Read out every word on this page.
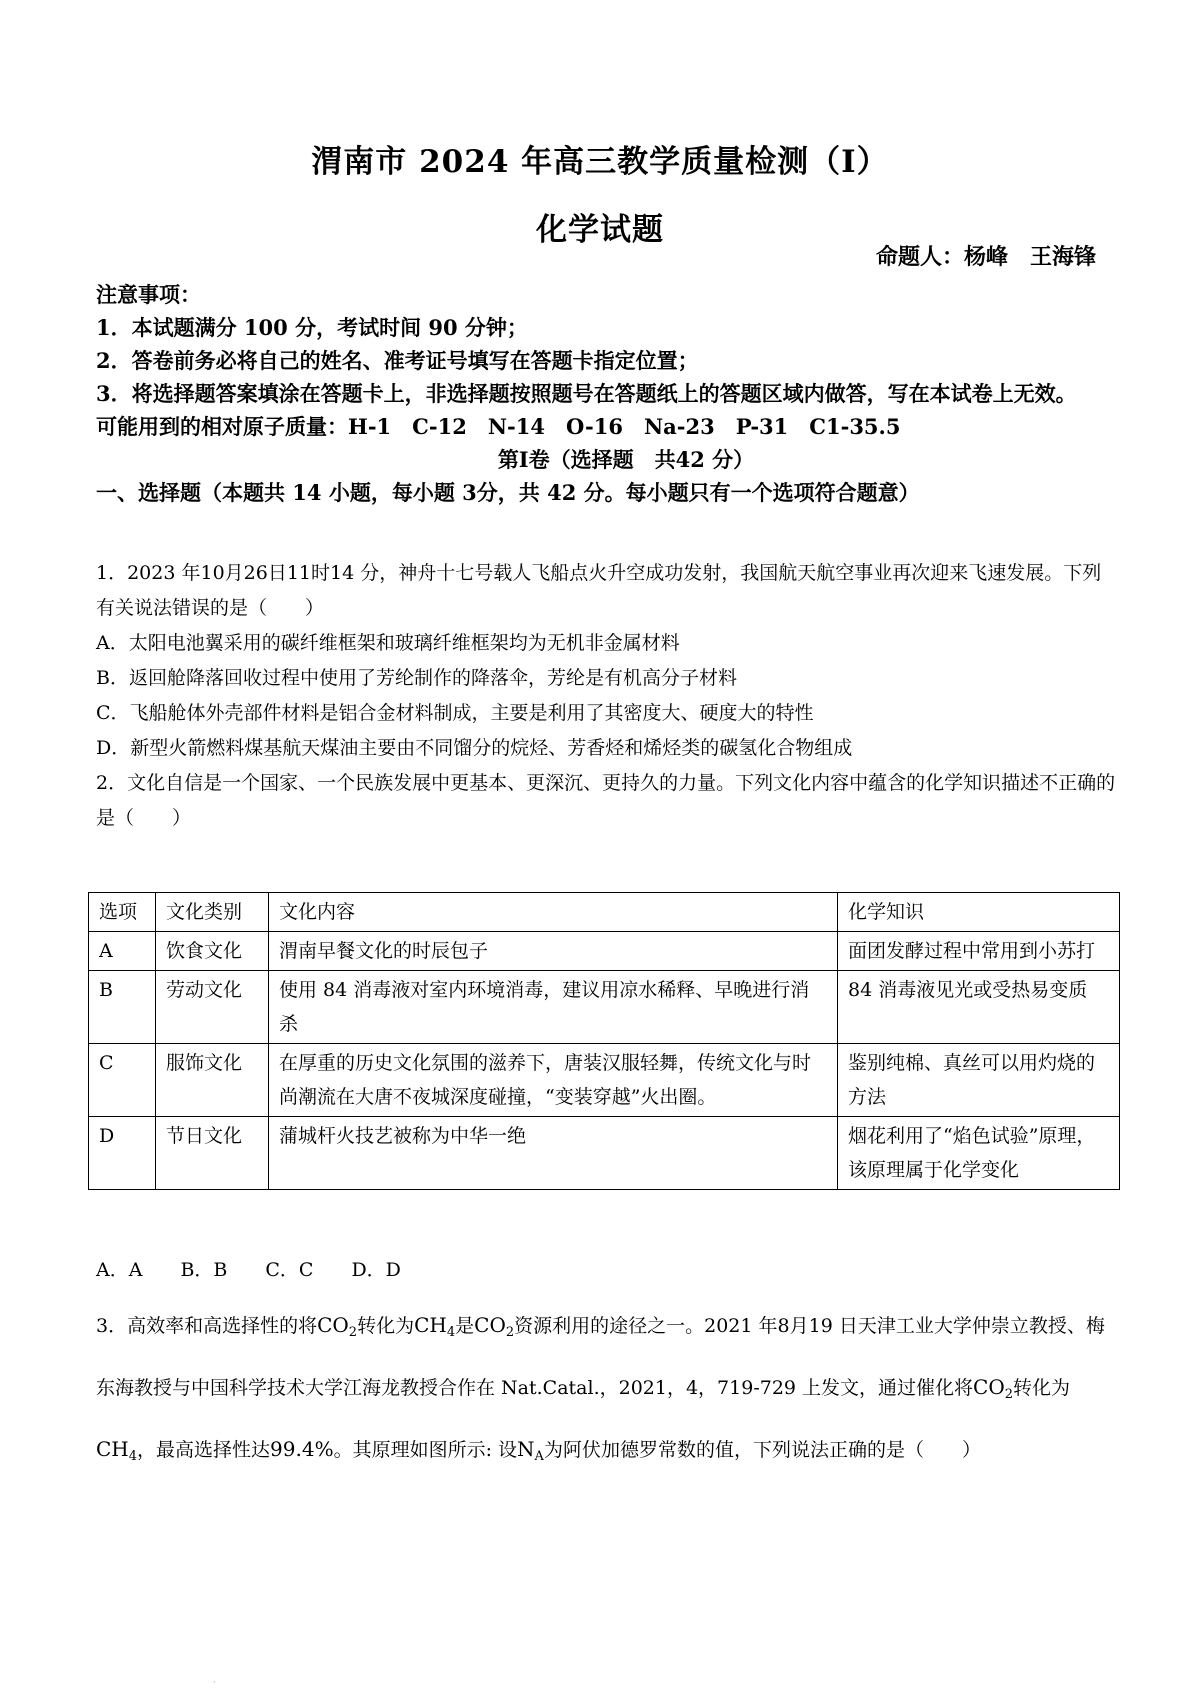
渭南市 2024 年高三教学质量检测（I）
化学试题
命题人：杨峰　王海锋

注意事项：

1．本试题满分 100 分，考试时间 90 分钟；

2．答卷前务必将自己的姓名、准考证号填写在答题卡指定位置；

3．将选择题答案填涂在答题卡上，非选择题按照题号在答题纸上的答题区域内做答，写在本试卷上无效。

可能用到的相对原子质量：H-1　C-12　N-14　O-16　Na-23　P-31　C1-35.5

第Ⅰ卷（选择题　共42 分）

一、选择题（本题共 14 小题，每小题 3分，共 42 分。每小题只有一个选项符合题意）

1．2023 年10月26日11时14 分，神舟十七号载人飞船点火升空成功发射，我国航天航空事业再次迎来飞速发展。下列有关说法错误的是（　　）

A．太阳电池翼采用的碳纤维框架和玻璃纤维框架均为无机非金属材料

B．返回舱降落回收过程中使用了芳纶制作的降落伞，芳纶是有机高分子材料

C．飞船舱体外壳部件材料是铝合金材料制成，主要是利用了其密度大、硬度大的特性

D．新型火箭燃料煤基航天煤油主要由不同馏分的烷烃、芳香烃和烯烃类的碳氢化合物组成

2．文化自信是一个国家、一个民族发展中更基本、更深沉、更持久的力量。下列文化内容中蕴含的化学知识描述不正确的是（　　）

选项	文化类别	文化内容	化学知识
A	饮食文化	渭南早餐文化的时辰包子	面团发酵过程中常用到小苏打
B	劳动文化	使用 84 消毒液对室内环境消毒，建议用凉水稀释、早晚进行消杀	84 消毒液见光或受热易变质
C	服饰文化	在厚重的历史文化氛围的滋养下，唐装汉服轻舞，传统文化与时尚潮流在大唐不夜城深度碰撞，“变装穿越”火出圈。	鉴别纯棉、真丝可以用灼烧的方法
D	节日文化	蒲城杆火技艺被称为中华一绝	烟花利用了“焰色试验”原理，该原理属于化学变化
A．A　　B．B　　C．C　　D．D

3．高效率和高选择性的将$CO_2$转化为$CH_4$是$CO_2$资源利用的途径之一。2021 年8月19 日天津工业大学仲崇立教授、梅东海教授与中国科学技术大学江海龙教授合作在 Nat.Catal.，2021，4，719-729 上发文，通过催化将$CO_2$转化为$CH_4$，最高选择性达99.4%。其原理如图所示: 设$N_A$为阿伏加德罗常数的值，下列说法正确的是（　　）

·
